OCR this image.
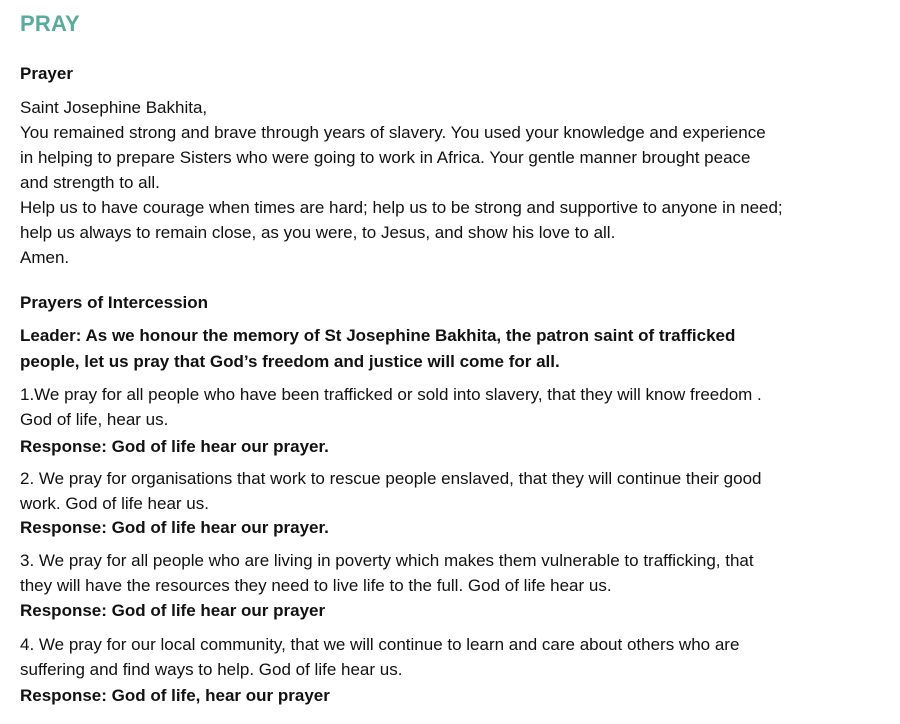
PRAY
Prayer
Saint Josephine Bakhita,
You remained strong and brave through years of slavery. You used your knowledge and experience
in helping to prepare Sisters who were going to work in Africa. Your gentle manner brought peace
and strength to all.
Help us to have courage when times are hard; help us to be strong and supportive to anyone in need;
help us always to remain close, as you were, to Jesus, and show his love to all.
Amen.
Prayers of Intercession
Leader: As we honour the memory of St Josephine Bakhita, the patron saint of trafficked
people, let us pray that God’s freedom and justice will come for all.
1.We pray for all people who have been trafficked or sold into slavery, that they will know freedom .
God of life, hear us.
Response: God of life hear our prayer.
2. We pray for organisations that work to rescue people enslaved, that they will continue their good
work. God of life hear us.
Response: God of life hear our prayer.
3. We pray for all people who are living in poverty which makes them vulnerable to trafficking, that
they will have the resources they need to live life to the full. God of life hear us.
Response: God of life hear our prayer
4. We pray for our local community, that we will continue to learn and care about others who are
suffering and find ways to help. God of life hear us.
Response: God of life, hear our prayer
